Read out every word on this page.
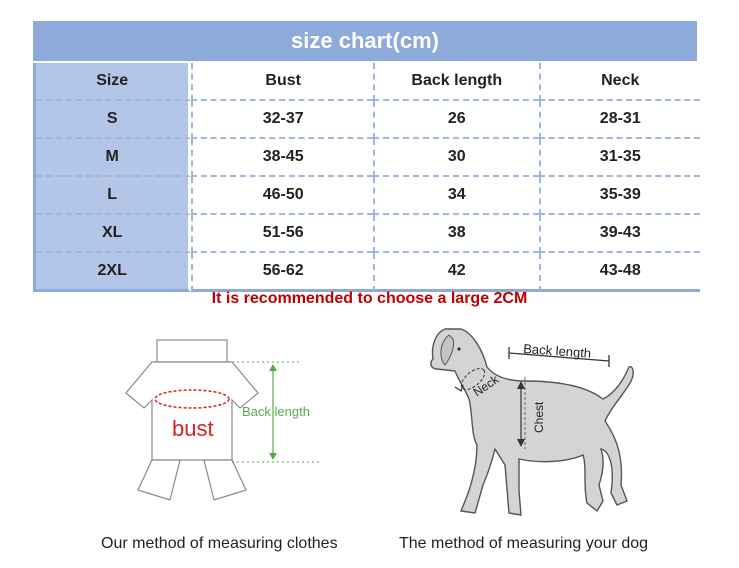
size chart(cm)
Size	Bust	Back length	Neck
S	32-37	26	28-31
M	38-45	30	31-35
L	46-50	34	35-39
XL	51-56	38	39-43
2XL	56-62	42	43-48
It is recommended to choose a large 2CM
bust
Back length
Back length
Neck
Chest
Our method of measuring clothes	The method of measuring your dog
